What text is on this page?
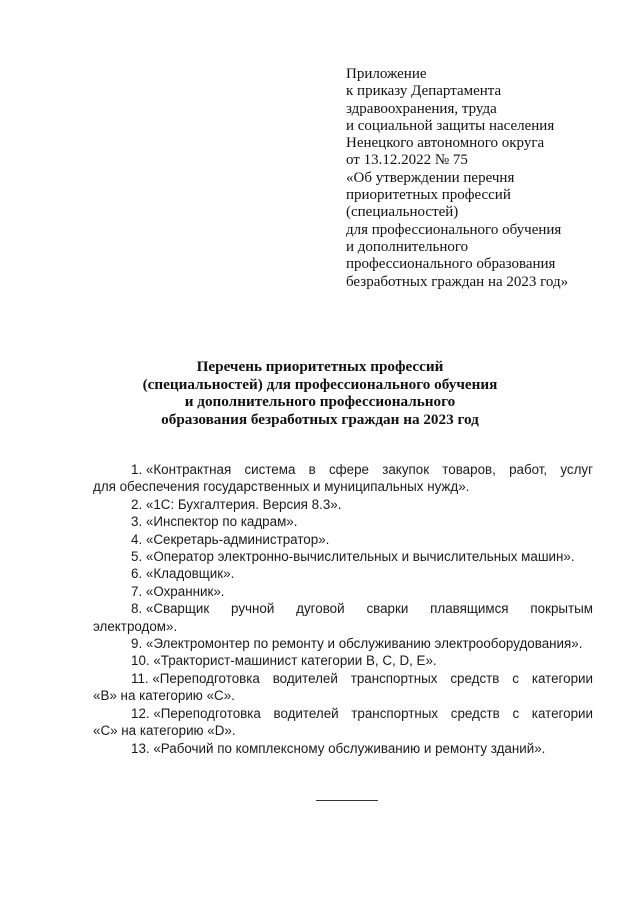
Приложение
к приказу Департамента
здравоохранения, труда
и социальной защиты населения
Ненецкого автономного округа
от 13.12.2022 № 75
«Об утверждении перечня
приоритетных профессий
(специальностей)
для профессионального обучения
и дополнительного
профессионального образования
безработных граждан на 2023 год»
Перечень приоритетных профессий
(специальностей) для профессионального обучения
и дополнительного профессионального
образования безработных граждан на 2023 год
1. «Контрактная система в сфере закупок товаров, работ, услуг
для обеспечения государственных и муниципальных нужд».
2. «1С: Бухгалтерия. Версия 8.3».
3. «Инспектор по кадрам».
4. «Секретарь-администратор».
5. «Оператор электронно-вычислительных и вычислительных машин».
6. «Кладовщик».
7. «Охранник».
8. «Сварщик ручной дуговой сварки плавящимся покрытым
электродом».
9. «Электромонтер по ремонту и обслуживанию электрооборудования».
10. «Тракторист-машинист категории B, C, D, E».
11. «Переподготовка водителей транспортных средств с категории
«B» на категорию «C».
12. «Переподготовка водителей транспортных средств с категории
«C» на категорию «D».
13. «Рабочий по комплексному обслуживанию и ремонту зданий».
